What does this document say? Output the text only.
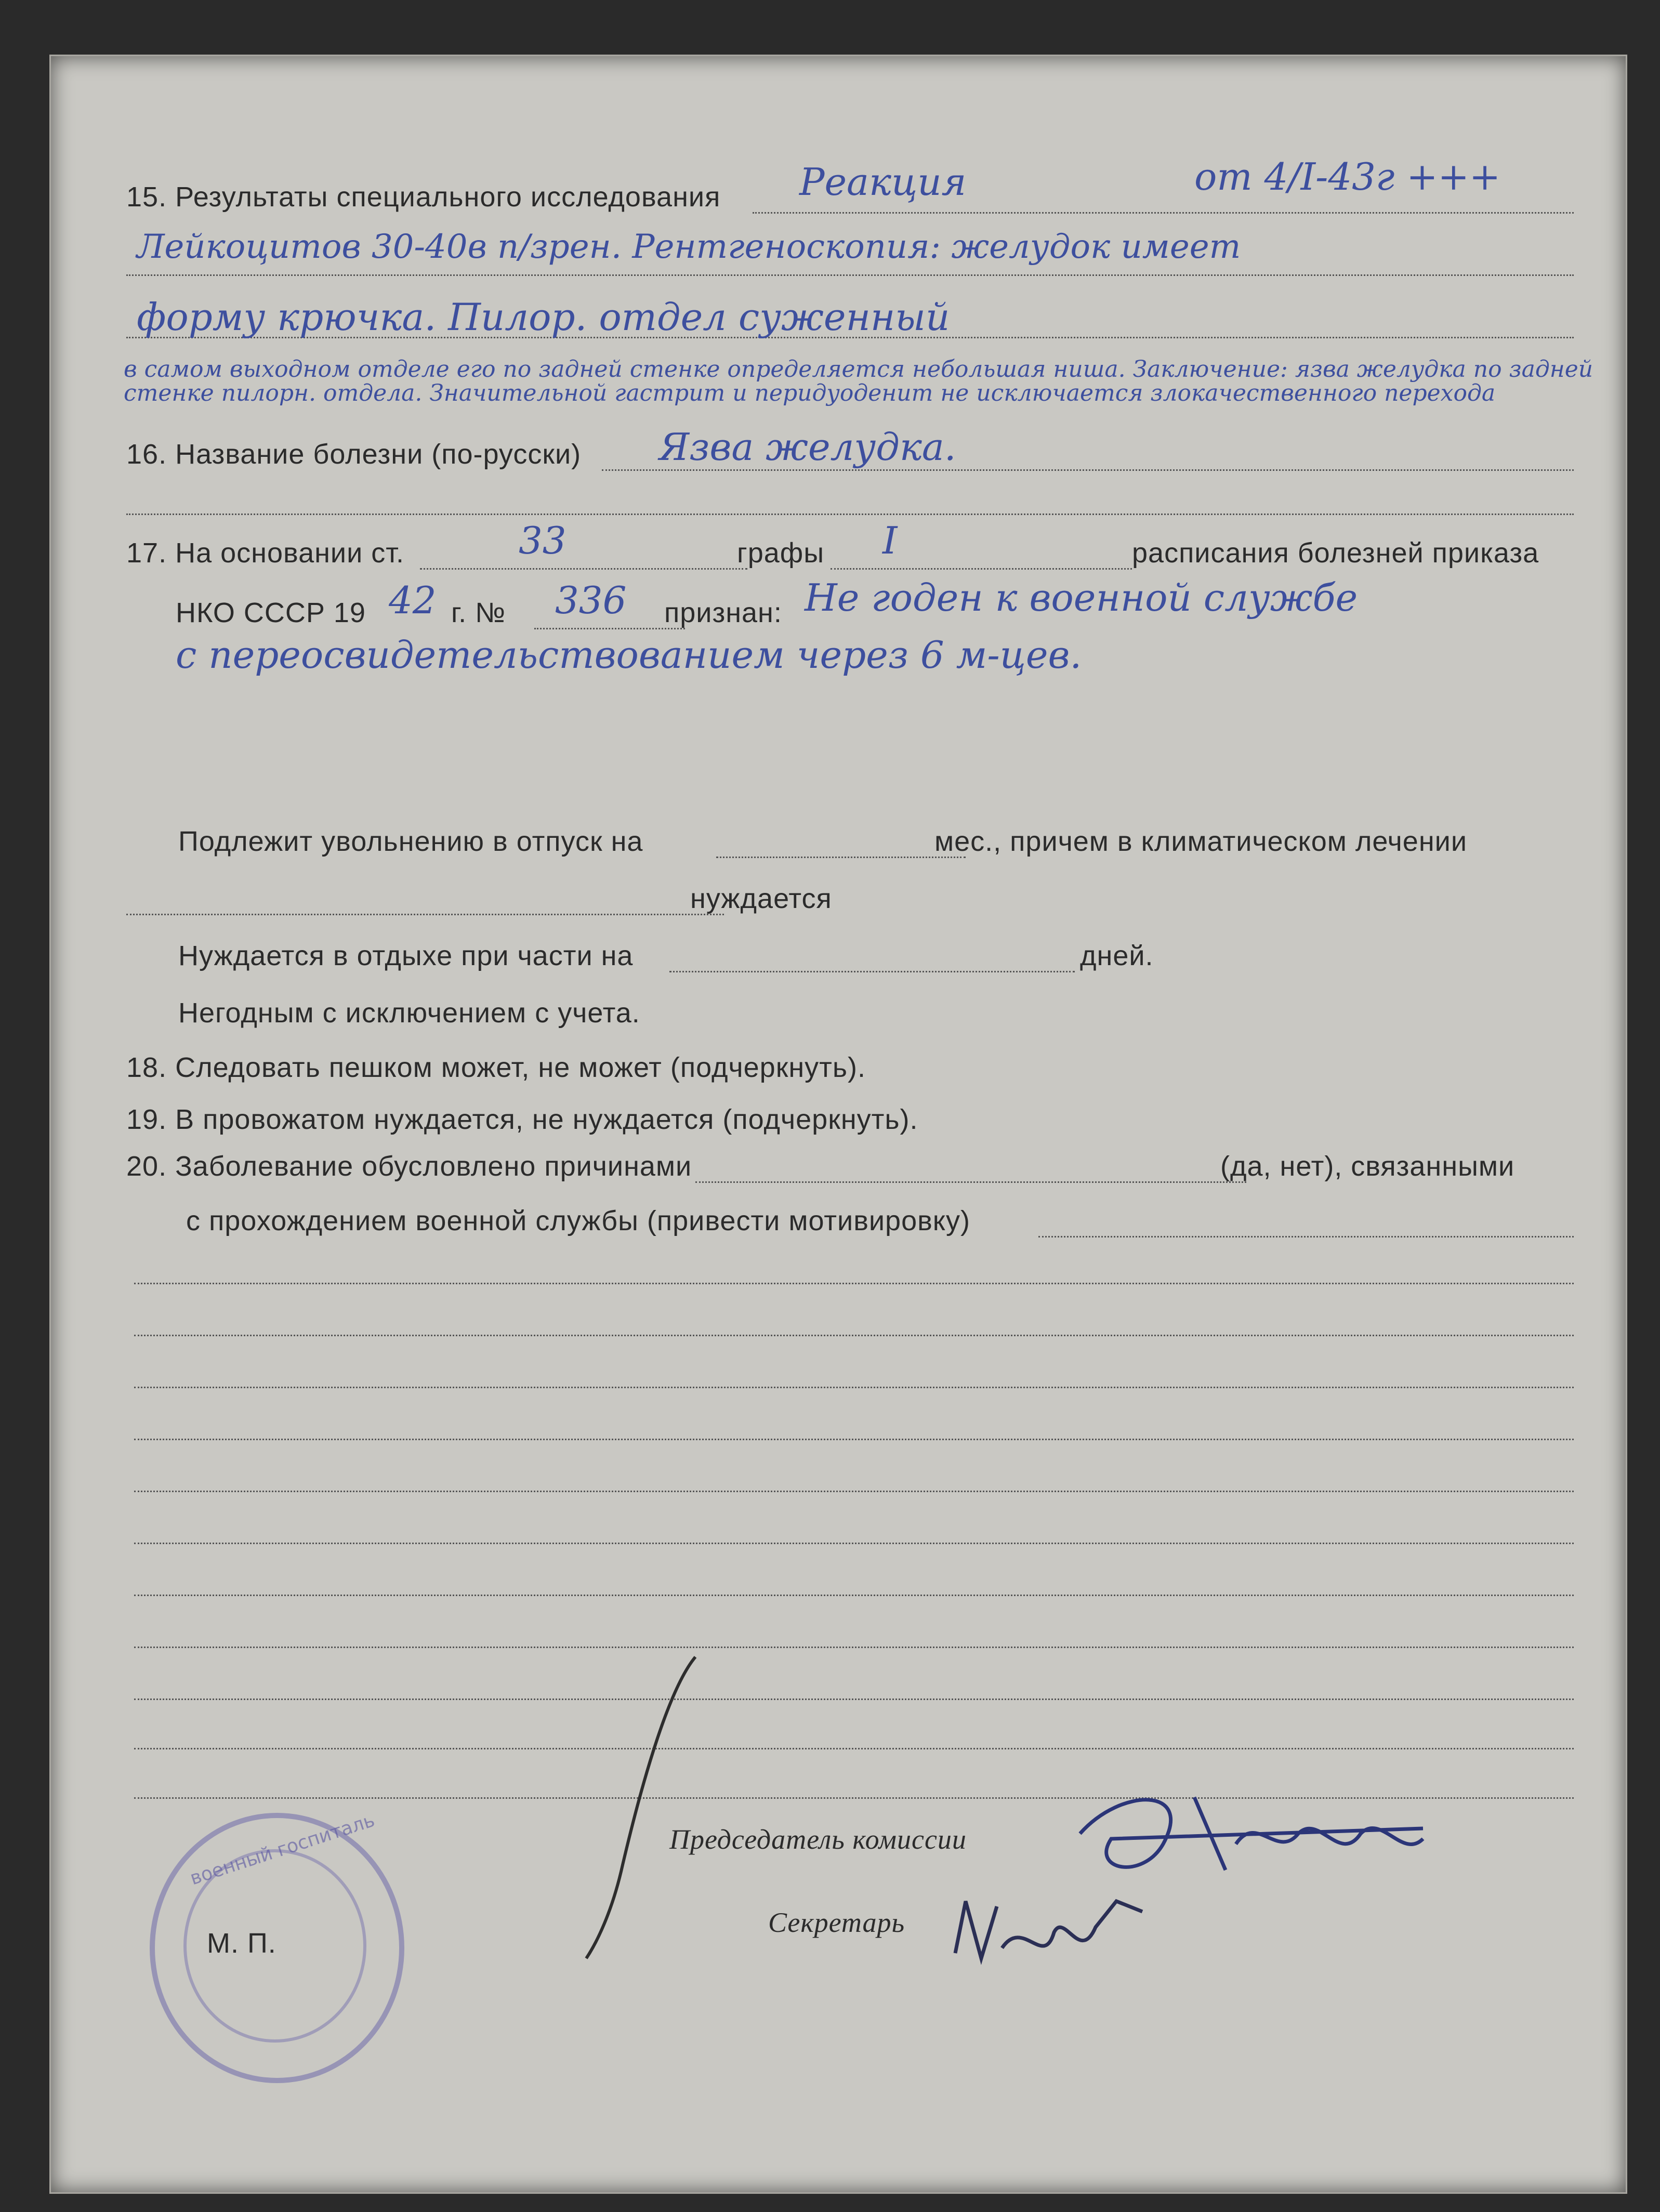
15. Результаты специального исследования Реакция	от 4/I-43г +++
Лейкоцитов 30-40в п/зрен. Рентгеноскопия: желудок имеет
форму крючка. Пилор. отдел суженный
в самом выходном отделе его по задней стенке определяется небольшая ниша. Заключение: язва желудка по задней стенке пилорн. отдела. Значительной гастрит и перидуоденит не исключается злокачественного перехода
16. Название болезни (по-русски) Язва желудка.
17. На основании ст.	33	графы I	расписания болезней приказа
НКО СССР 19 42 г. № 336 признан: Не годен к военной службе
с переосвидетельствованием через 6 м-цев.
Подлежит увольнению в отпуск на	мес., причем в климатическом лечении
нуждается
Нуждается в отдыхе при части на	дней.
Негодным с исключением с учета.
18. Следовать пешком может, не может (подчеркнуть).
19. В провожатом нуждается, не нуждается (подчеркнуть).
20. Заболевание обусловлено причинами	(да, нет), связанными
с прохождением военной службы (привести мотивировку)
Председатель комиссии
Секретарь
военный госпиталь
М. П.
